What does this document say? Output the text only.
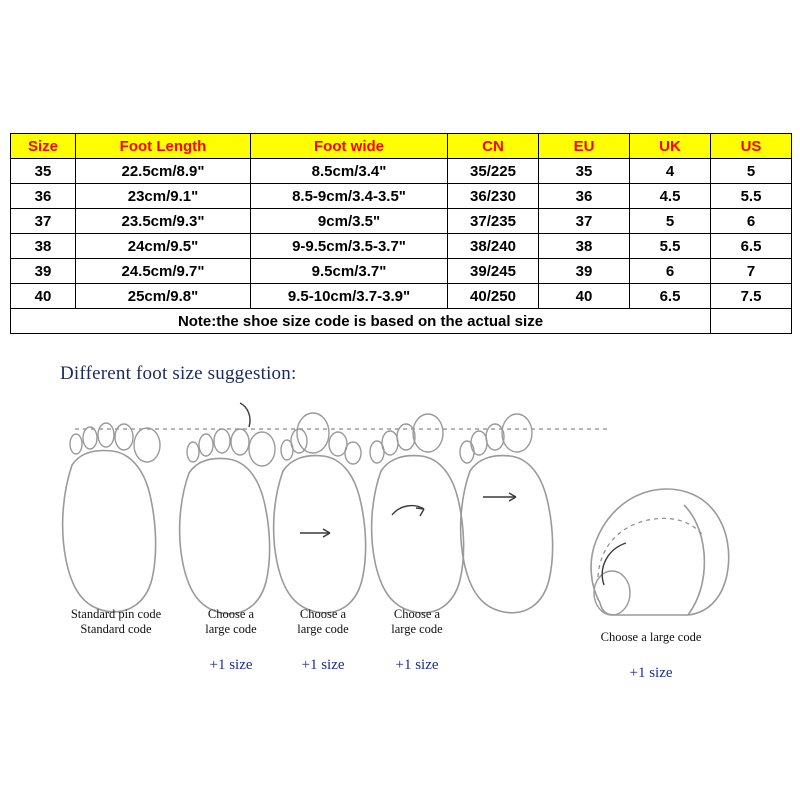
Size	Foot Length	Foot wide	CN	EU	UK	US
35	22.5cm/8.9"	8.5cm/3.4"	35/225	35	4	5
36	23cm/9.1"	8.5-9cm/3.4-3.5"	36/230	36	4.5	5.5
37	23.5cm/9.3"	9cm/3.5"	37/235	37	5	6
38	24cm/9.5"	9-9.5cm/3.5-3.7"	38/240	38	5.5	6.5
39	24.5cm/9.7"	9.5cm/3.7"	39/245	39	6	7
40	25cm/9.8"	9.5-10cm/3.7-3.9"	40/250	40	6.5	7.5
Note:the shoe size code is based on the actual size						
Different foot size suggestion:
Standard pin code
Standard code
Choose a
large code
Choose a
large code
Choose a
large code
Choose a large code
+1 size	+1 size	+1 size	+1 size
